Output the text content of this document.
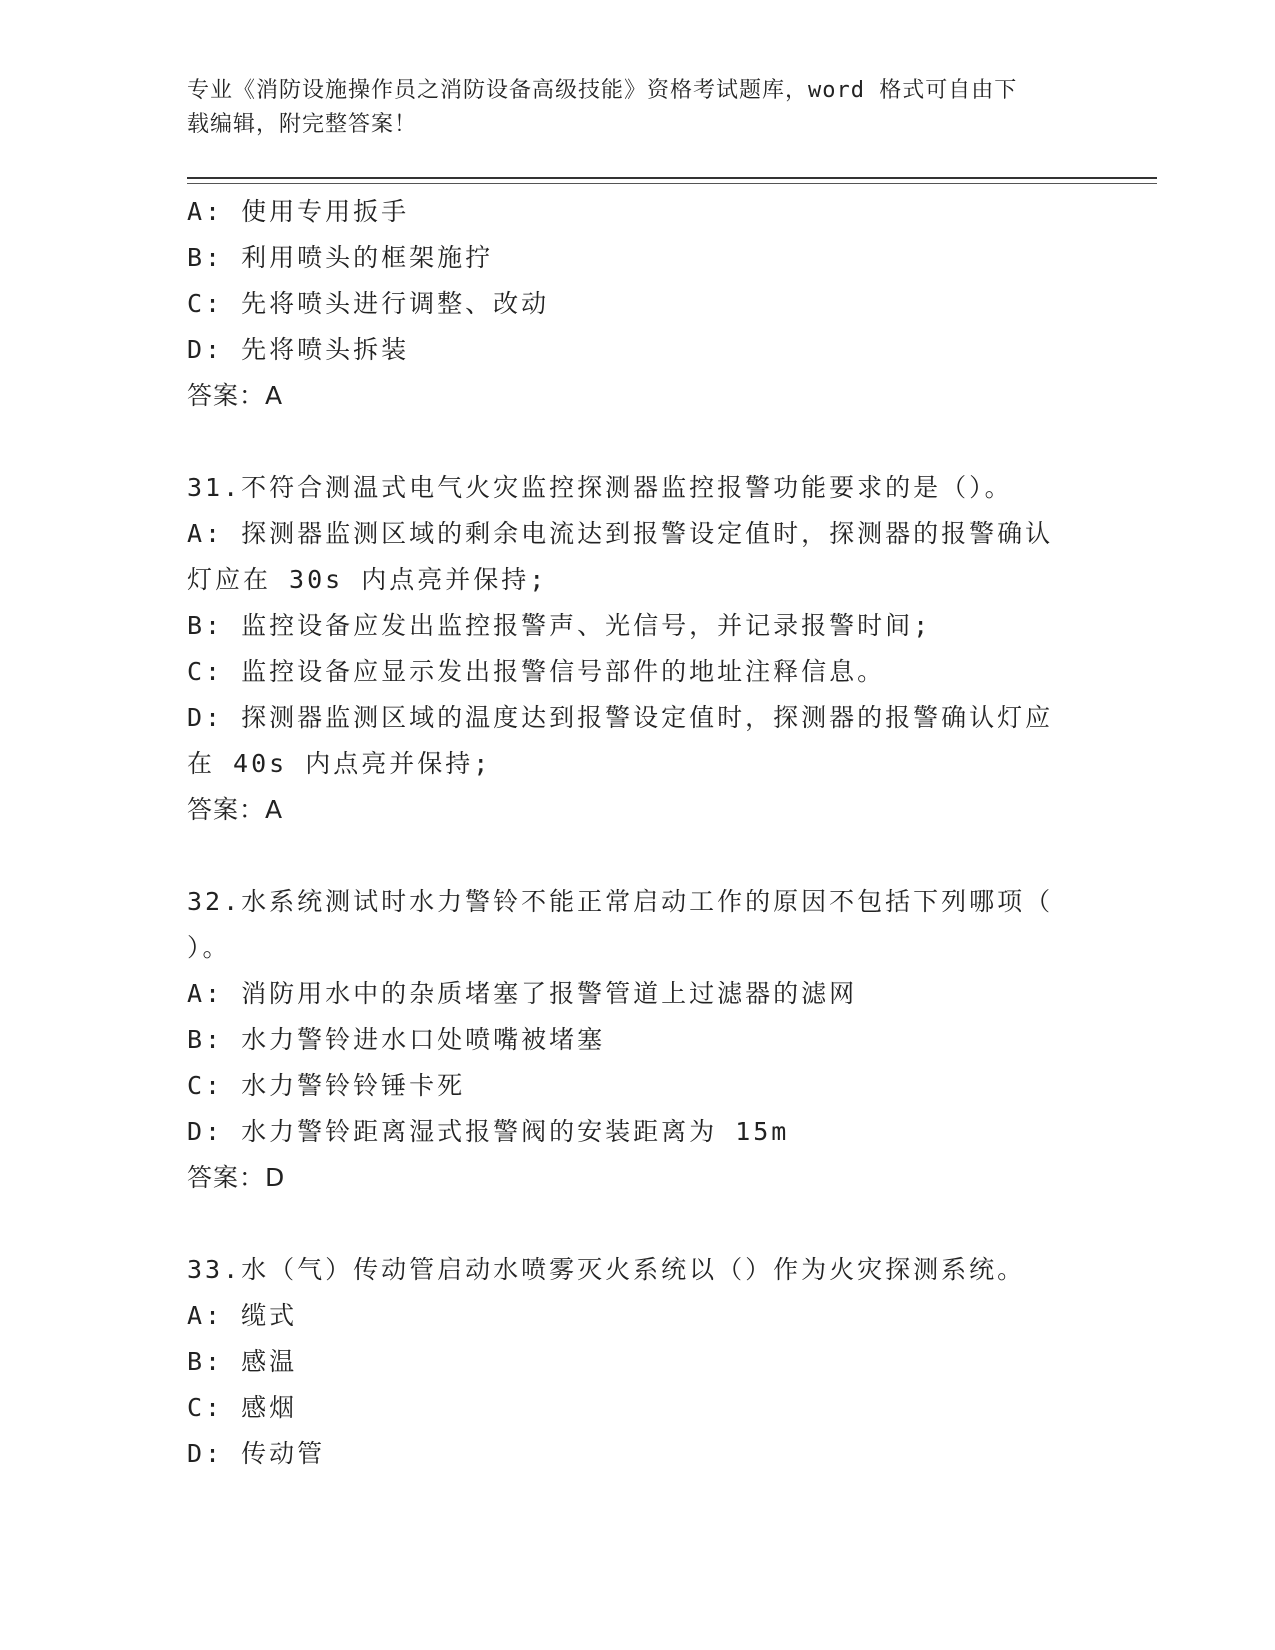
专业《消防设施操作员之消防设备高级技能》资格考试题库，word 格式可自由下
载编辑，附完整答案！
A: 使用专用扳手
B: 利用喷头的框架施拧
C: 先将喷头进行调整、改动
D: 先将喷头拆装
答案：A
31.不符合测温式电气火灾监控探测器监控报警功能要求的是（）。
A: 探测器监测区域的剩余电流达到报警设定值时，探测器的报警确认
灯应在 30s 内点亮并保持;
B: 监控设备应发出监控报警声、光信号，并记录报警时间;
C: 监控设备应显示发出报警信号部件的地址注释信息。
D: 探测器监测区域的温度达到报警设定值时，探测器的报警确认灯应
在 40s 内点亮并保持;
答案：A
32.水系统测试时水力警铃不能正常启动工作的原因不包括下列哪项（
）。
A: 消防用水中的杂质堵塞了报警管道上过滤器的滤网
B: 水力警铃进水口处喷嘴被堵塞
C: 水力警铃铃锤卡死
D: 水力警铃距离湿式报警阀的安装距离为 15m
答案：D
33.水（气）传动管启动水喷雾灭火系统以（）作为火灾探测系统。
A: 缆式
B: 感温
C: 感烟
D: 传动管
